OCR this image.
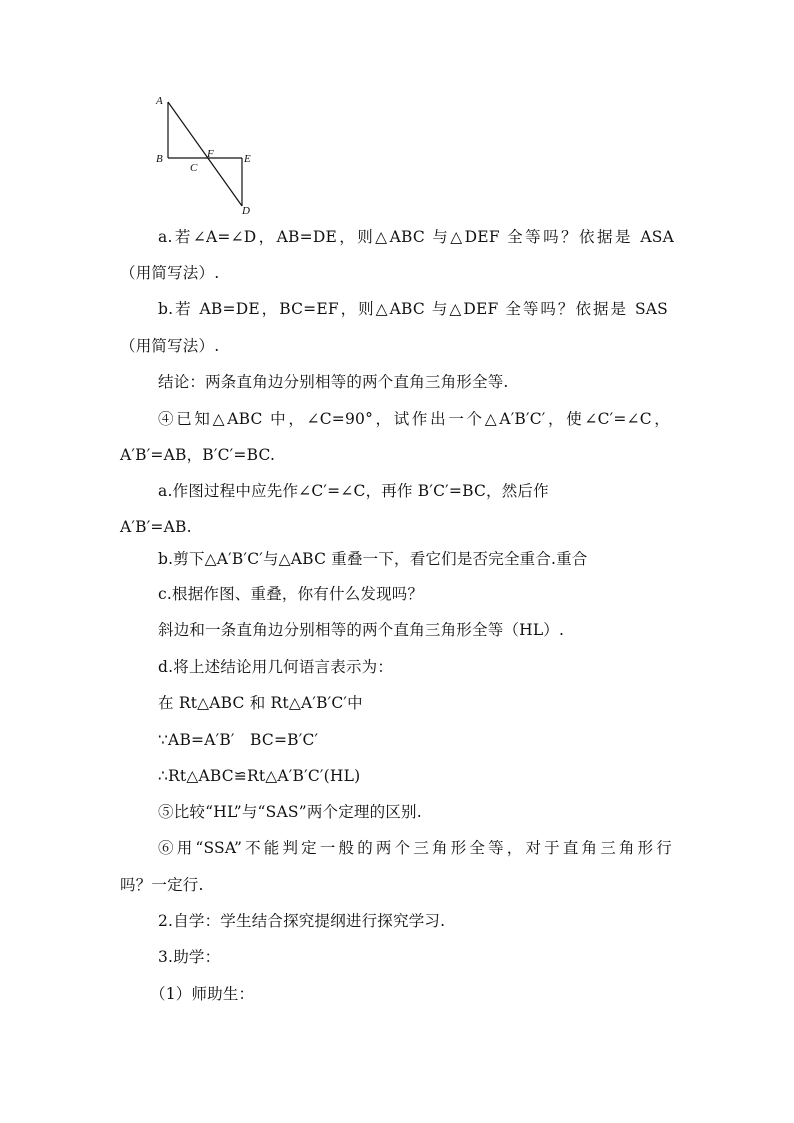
A
B
C
F	E
D
a.若∠A=∠D，AB=DE，则△ABC 与△DEF 全等吗？依据是 ASA
（用简写法）.
b.若 AB=DE，BC=EF，则△ABC 与△DEF 全等吗？依据是 SAS
（用简写法）.
结论：两条直角边分别相等的两个直角三角形全等.
④已知△ABC 中，∠C=90°，试作出一个△A′B′C′，使∠C′=∠C，
A′B′=AB，B′C′=BC.
a.作图过程中应先作∠C′=∠C，再作 B′C′=BC，然后作
A′B′=AB.
b.剪下△A′B′C′与△ABC 重叠一下，看它们是否完全重合.重合
c.根据作图、重叠，你有什么发现吗？
斜边和一条直角边分别相等的两个直角三角形全等（HL）.
d.将上述结论用几何语言表示为：
在 Rt△ABC 和 Rt△A′B′C′中
∵AB=A′B′   BC=B′C′
∴Rt△ABC≌Rt△A′B′C′(HL)
⑤比较“HL”与“SAS”两个定理的区别.
⑥用“SSA”不能判定一般的两个三角形全等，对于直角三角形行
吗？一定行.
2.自学：学生结合探究提纲进行探究学习.
3.助学：
（1）师助生：
